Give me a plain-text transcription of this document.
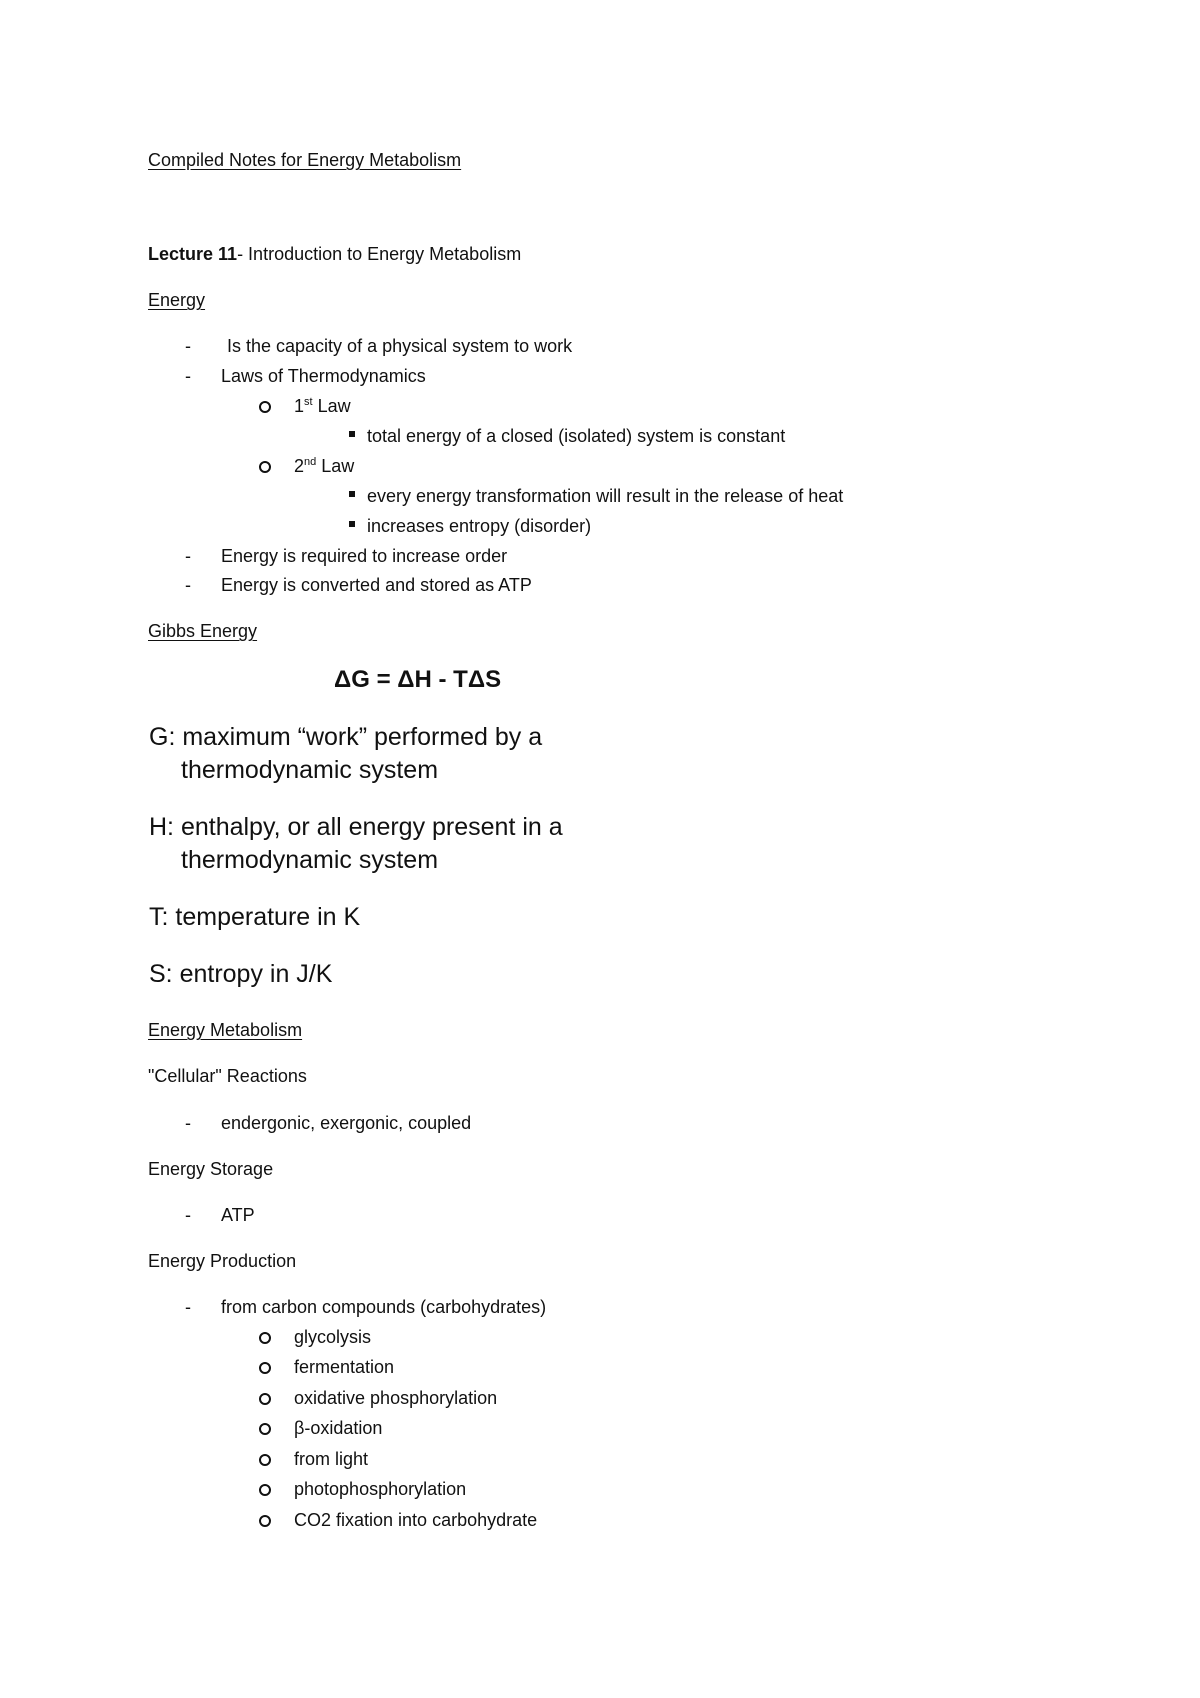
Compiled Notes for Energy Metabolism
Lecture 11- Introduction to Energy Metabolism
Energy
- Is the capacity of a physical system to work
- Laws of Thermodynamics
1st Law
total energy of a closed (isolated) system is constant
2nd Law
every energy transformation will result in the release of heat
increases entropy (disorder)
- Energy is required to increase order
- Energy is converted and stored as ATP
Gibbs Energy
ΔG = ΔH - TΔS
G: maximum “work” performed by a
thermodynamic system
H: enthalpy, or all energy present in a
thermodynamic system
T: temperature in K
S: entropy in J/K
Energy Metabolism
"Cellular" Reactions
- endergonic, exergonic, coupled
Energy Storage
- ATP
Energy Production
- from carbon compounds (carbohydrates)
glycolysis
fermentation
oxidative phosphorylation
β-oxidation
from light
photophosphorylation
CO2 fixation into carbohydrate
